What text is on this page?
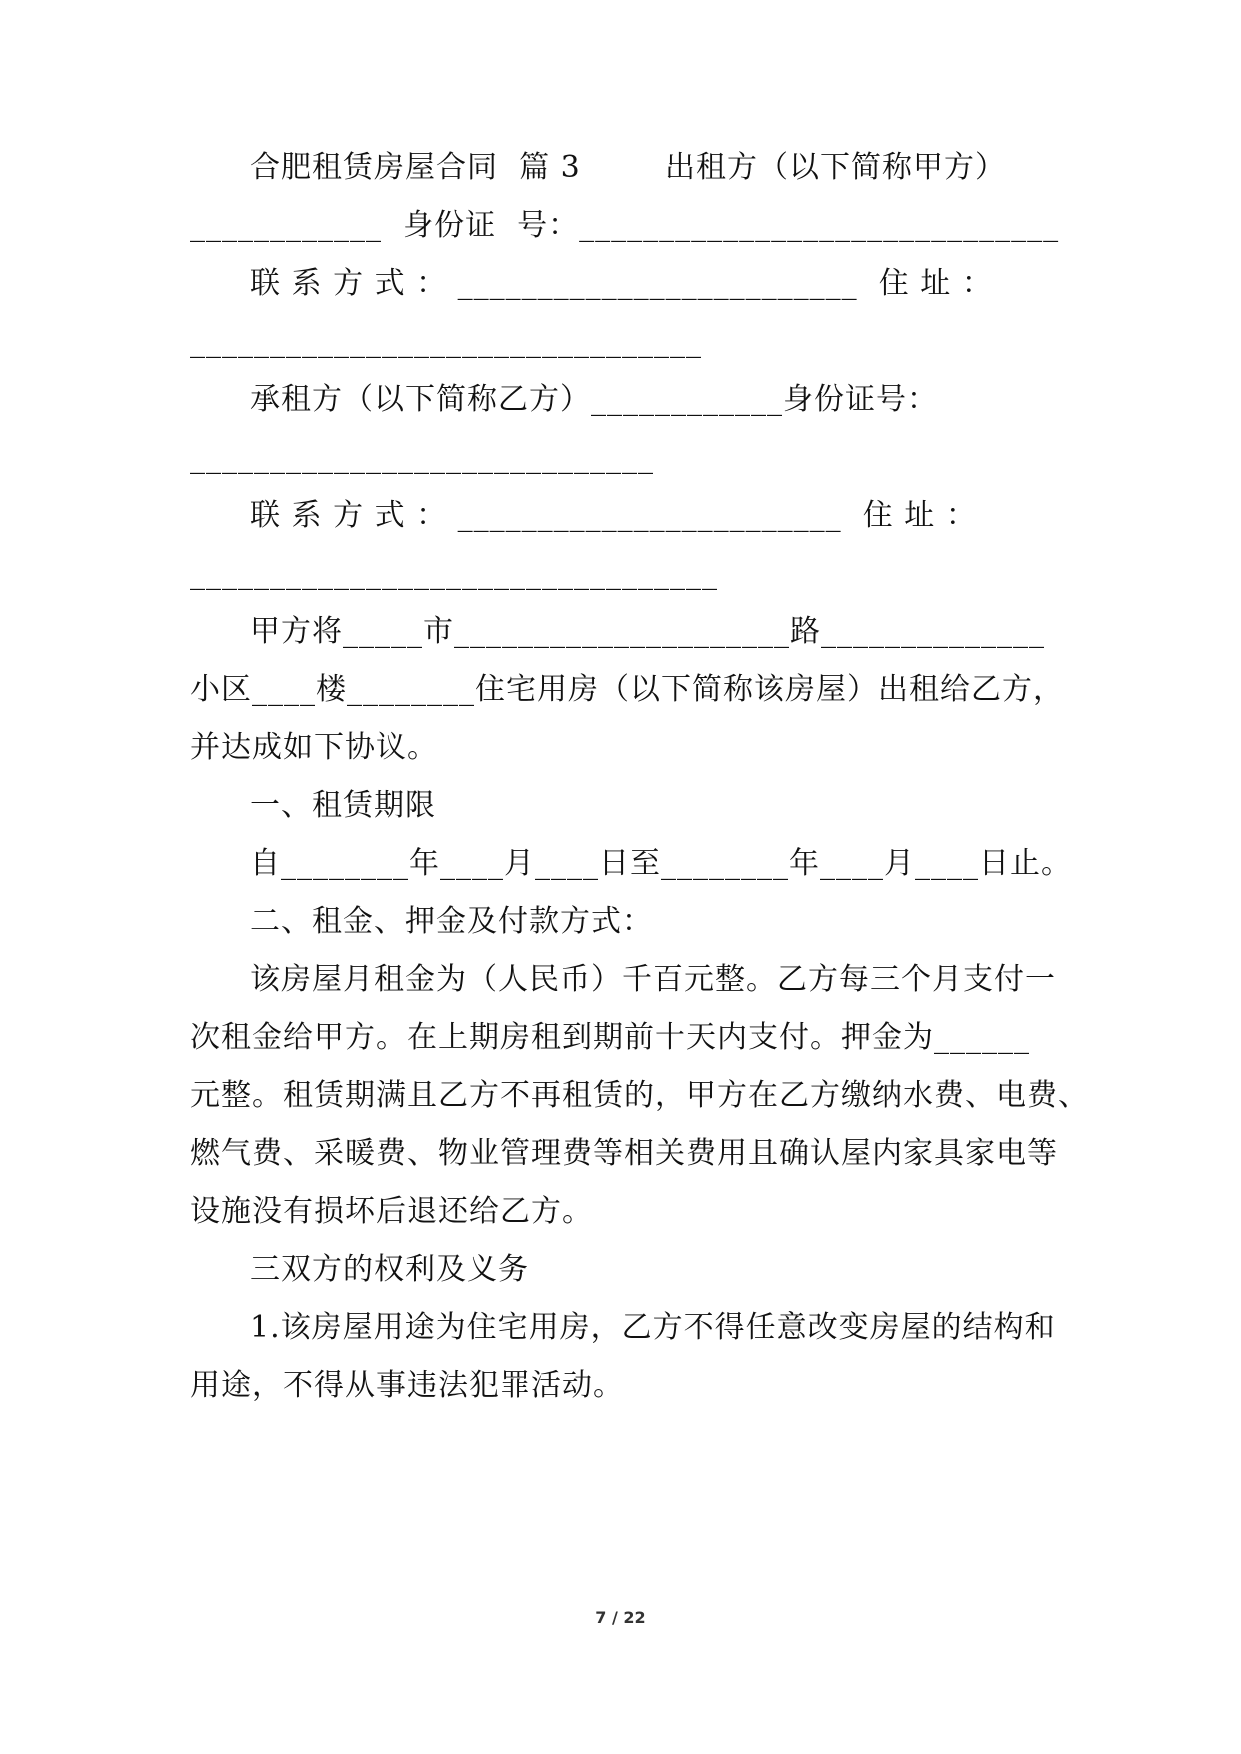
合肥租赁房屋合同  篇 3        出租方（以下简称甲方）
____________  身份证  号：______________________________
联 系 方 式 ： _________________________  住 址 ：
________________________________
承租方（以下简称乙方）____________身份证号：
_____________________________
联 系 方 式 ： ________________________  住 址 ：
_________________________________
甲方将_____市_____________________路______________
小区____楼________住宅用房（以下简称该房屋）出租给乙方，
并达成如下协议。
一、租赁期限
自________年____月____日至________年____月____日止。
二、租金、押金及付款方式：
该房屋月租金为（人民币）千百元整。乙方每三个月支付一
次租金给甲方。在上期房租到期前十天内支付。押金为______
元整。租赁期满且乙方不再租赁的，甲方在乙方缴纳水费、电费、
燃气费、采暖费、物业管理费等相关费用且确认屋内家具家电等
设施没有损坏后退还给乙方。
三双方的权利及义务
1.该房屋用途为住宅用房，乙方不得任意改变房屋的结构和
用途，不得从事违法犯罪活动。
7 / 22
